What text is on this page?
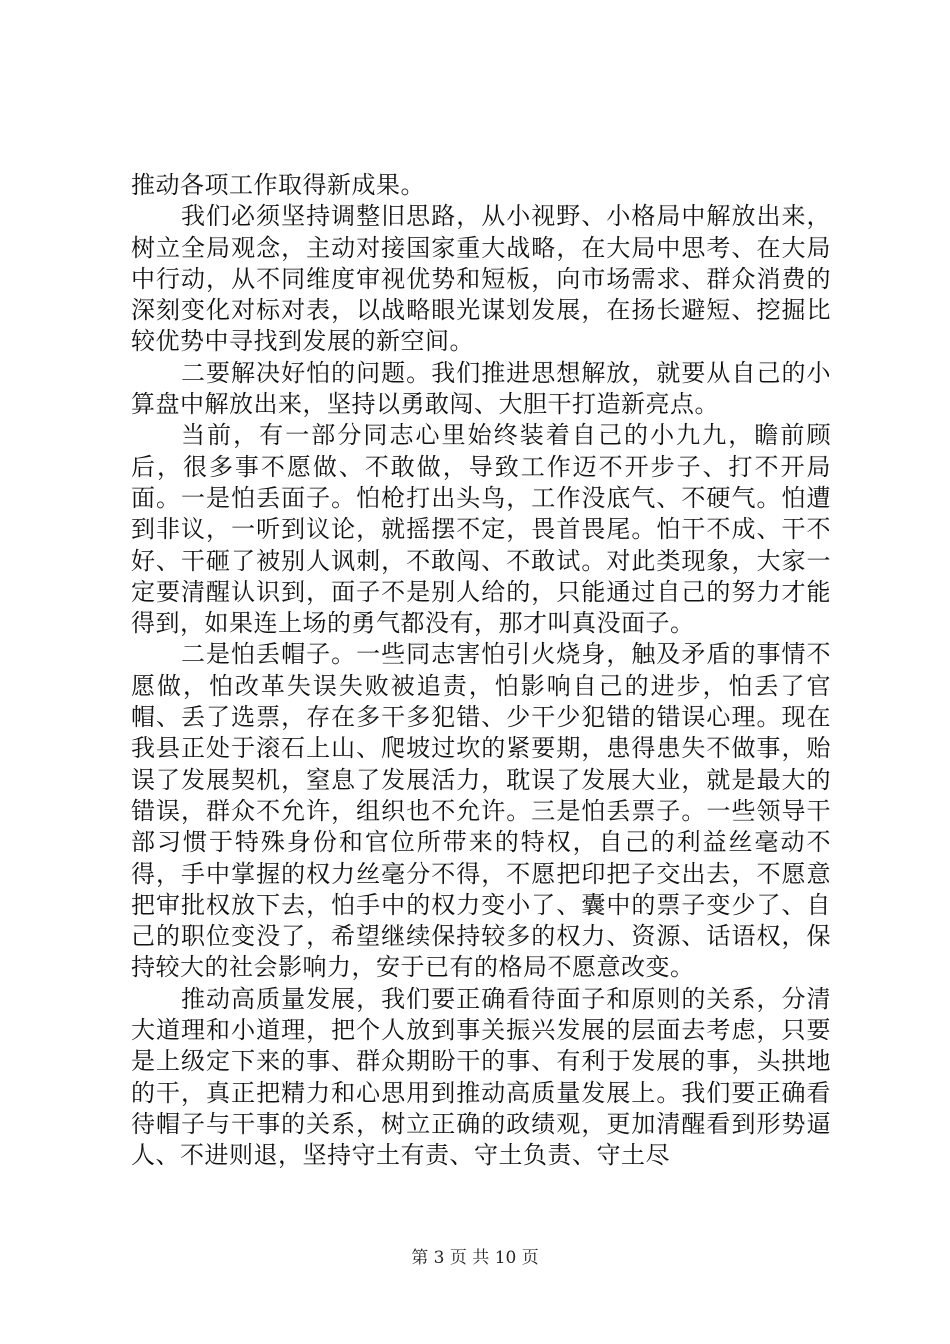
推动各项工作取得新成果。

我们必须坚持调整旧思路，从小视野、小格局中解放出来，树立全局观念，主动对接国家重大战略，在大局中思考、在大局中行动，从不同维度审视优势和短板，向市场需求、群众消费的深刻变化对标对表，以战略眼光谋划发展，在扬长避短、挖掘比较优势中寻找到发展的新空间。

二要解决好怕的问题。我们推进思想解放，就要从自己的小算盘中解放出来，坚持以勇敢闯、大胆干打造新亮点。

当前，有一部分同志心里始终装着自己的小九九，瞻前顾后，很多事不愿做、不敢做，导致工作迈不开步子、打不开局面。一是怕丢面子。怕枪打出头鸟，工作没底气、不硬气。怕遭到非议，一听到议论，就摇摆不定，畏首畏尾。怕干不成、干不好、干砸了被别人讽刺，不敢闯、不敢试。对此类现象，大家一定要清醒认识到，面子不是别人给的，只能通过自己的努力才能得到，如果连上场的勇气都没有，那才叫真没面子。

二是怕丢帽子。一些同志害怕引火烧身，触及矛盾的事情不愿做，怕改革失误失败被追责，怕影响自己的进步，怕丢了官帽、丢了选票，存在多干多犯错、少干少犯错的错误心理。现在我县正处于滚石上山、爬坡过坎的紧要期，患得患失不做事，贻误了发展契机，窒息了发展活力，耽误了发展大业，就是最大的错误，群众不允许，组织也不允许。三是怕丢票子。一些领导干部习惯于特殊身份和官位所带来的特权，自己的利益丝毫动不得，手中掌握的权力丝毫分不得，不愿把印把子交出去，不愿意把审批权放下去，怕手中的权力变小了、囊中的票子变少了、自己的职位变没了，希望继续保持较多的权力、资源、话语权，保持较大的社会影响力，安于已有的格局不愿意改变。

推动高质量发展，我们要正确看待面子和原则的关系，分清大道理和小道理，把个人放到事关振兴发展的层面去考虑，只要是上级定下来的事、群众期盼干的事、有利于发展的事，头拱地的干，真正把精力和心思用到推动高质量发展上。我们要正确看待帽子与干事的关系，树立正确的政绩观，更加清醒看到形势逼人、不进则退，坚持守土有责、守土负责、守土尽

第 3 页 共 10 页
